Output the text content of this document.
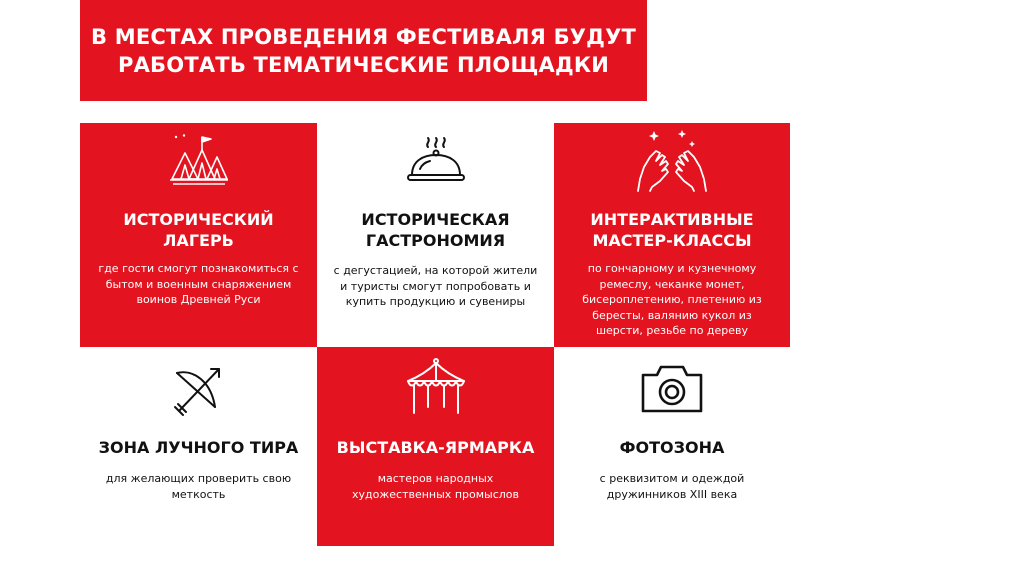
В МЕСТАХ ПРОВЕДЕНИЯ ФЕСТИВАЛЯ БУДУТ
РАБОТАТЬ ТЕМАТИЧЕСКИЕ ПЛОЩАДКИ
ИСТОРИЧЕСКИЙ
ЛАГЕРЬ
где гости смогут познакомиться с
бытом и военным снаряжением
воинов Древней Руси
ИСТОРИЧЕСКАЯ
ГАСТРОНОМИЯ
с дегустацией, на которой жители
и туристы смогут попробовать и
купить продукцию и сувениры
ИНТЕРАКТИВНЫЕ
МАСТЕР-КЛАССЫ
по гончарному и кузнечному
ремеслу, чеканке монет,
бисероплетению, плетению из
бересты, валянию кукол из
шерсти, резьбе по дереву
ЗОНА ЛУЧНОГО ТИРА
для желающих проверить свою
меткость
ВЫСТАВКА-ЯРМАРКА
мастеров народных
художественных промыслов
ФОТОЗОНА
с реквизитом и одеждой
дружинников XIII века
